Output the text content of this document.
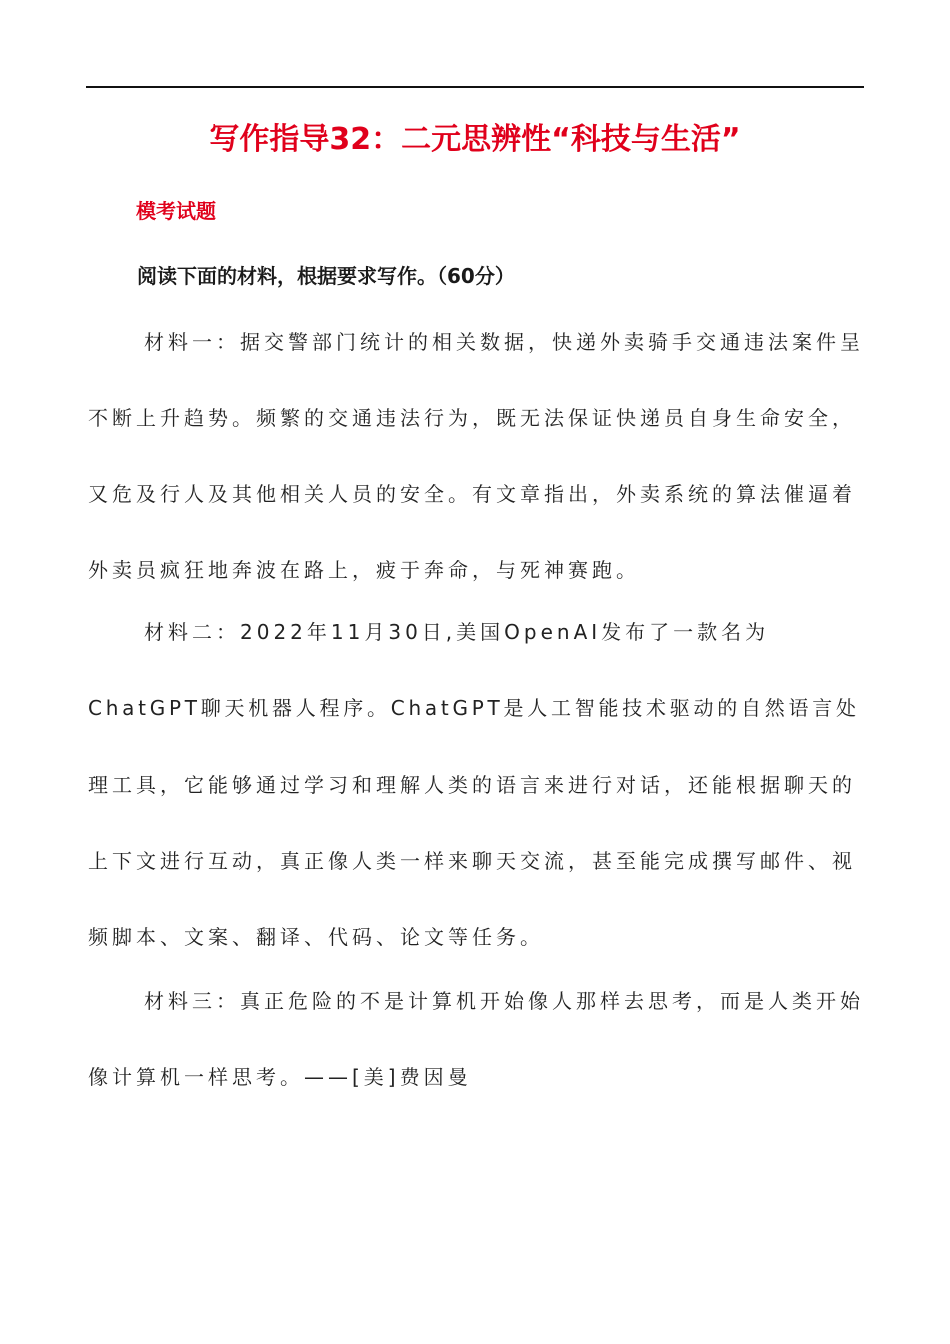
写作指导32：二元思辨性“科技与生活”
模考试题
阅读下面的材料，根据要求写作。（60分）
材料一：据交警部门统计的相关数据，快递外卖骑手交通违法案件呈
不断上升趋势。频繁的交通违法行为，既无法保证快递员自身生命安全，
又危及行人及其他相关人员的安全。有文章指出，外卖系统的算法催逼着
外卖员疯狂地奔波在路上，疲于奔命，与死神赛跑。
材料二：2022年11月30日,美国OpenAI发布了一款名为
ChatGPT聊天机器人程序。ChatGPT是人工智能技术驱动的自然语言处
理工具，它能够通过学习和理解人类的语言来进行对话，还能根据聊天的
上下文进行互动，真正像人类一样来聊天交流，甚至能完成撰写邮件、视
频脚本、文案、翻译、代码、论文等任务。
材料三：真正危险的不是计算机开始像人那样去思考，而是人类开始
像计算机一样思考。——[美]费因曼
